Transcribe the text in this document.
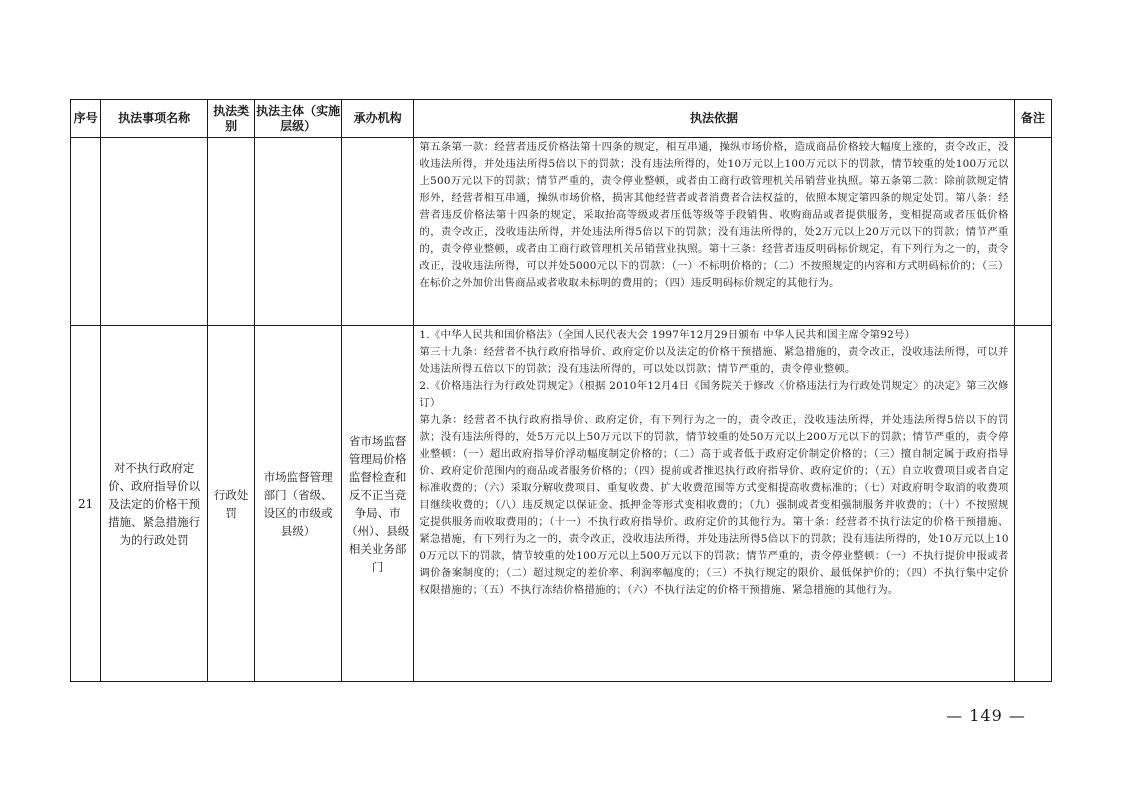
序号	执法事项名称	执法类别	执法主体（实施层级）	承办机构	执法依据	备注

					第五条第一款：经营者违反价格法第十四条的规定，相互串通，操纵市场价格，造成商品价格较大幅度上涨的，责令改正，没收违法所得，并处违法所得5倍以下的罚款；没有违法所得的，处10万元以上100万元以下的罚款，情节较重的处100万元以上500万元以下的罚款；情节严重的，责令停业整顿，或者由工商行政管理机关吊销营业执照。第五条第二款：除前款规定情形外，经营者相互串通，操纵市场价格，损害其他经营者或者消费者合法权益的，依照本规定第四条的规定处罚。第八条：经营者违反价格法第十四条的规定，采取抬高等级或者压低等级等手段销售、收购商品或者提供服务，变相提高或者压低价格的，责令改正，没收违法所得，并处违法所得5倍以下的罚款；没有违法所得的，处2万元以上20万元以下的罚款；情节严重的，责令停业整顿，或者由工商行政管理机关吊销营业执照。第十三条：经营者违反明码标价规定，有下列行为之一的，责令改正，没收违法所得，可以并处5000元以下的罚款：（一）不标明价格的；（二）不按照规定的内容和方式明码标价的；（三）在标价之外加价出售商品或者收取未标明的费用的；（四）违反明码标价规定的其他行为。	

21	对不执行政府定价、政府指导价以及法定的价格干预措施、紧急措施行为的行政处罚	行政处罚	市场监督管理部门（省级、设区的市级或县级）	省市场监督管理局价格监督检查和反不正当竞争局、市（州）、县级相关业务部门	1.《中华人民共和国价格法》（全国人民代表大会 1997年12月29日颁布 中华人民共和国主席令第92号）

第三十九条：经营者不执行政府指导价、政府定价以及法定的价格干预措施、紧急措施的，责令改正，没收违法所得，可以并处违法所得五倍以下的罚款；没有违法所得的，可以处以罚款；情节严重的，责令停业整顿。

2.《价格违法行为行政处罚规定》（根据 2010年12月4日《国务院关于修改〈价格违法行为行政处罚规定〉的决定》第三次修订）

第九条：经营者不执行政府指导价、政府定价，有下列行为之一的，责令改正，没收违法所得，并处违法所得5倍以下的罚款；没有违法所得的，处5万元以上50万元以下的罚款，情节较重的处50万元以上200万元以下的罚款；情节严重的，责令停业整顿：（一）超出政府指导价浮动幅度制定价格的；（二）高于或者低于政府定价制定价格的；（三）擅自制定属于政府指导价、政府定价范围内的商品或者服务价格的；（四）提前或者推迟执行政府指导价、政府定价的；（五）自立收费项目或者自定标准收费的；（六）采取分解收费项目、重复收费、扩大收费范围等方式变相提高收费标准的；（七）对政府明令取消的收费项目继续收费的；（八）违反规定以保证金、抵押金等形式变相收费的；（九）强制或者变相强制服务并收费的；（十）不按照规定提供服务而收取费用的；（十一）不执行政府指导价、政府定价的其他行为。第十条：经营者不执行法定的价格干预措施、紧急措施，有下列行为之一的，责令改正，没收违法所得，并处违法所得5倍以下的罚款；没有违法所得的，处10万元以上100万元以下的罚款，情节较重的处100万元以上500万元以下的罚款；情节严重的，责令停业整顿：（一）不执行提价申报或者调价备案制度的；（二）超过规定的差价率、利润率幅度的；（三）不执行规定的限价、最低保护价的；（四）不执行集中定价权限措施的；（五）不执行冻结价格措施的；（六）不执行法定的价格干预措施、紧急措施的其他行为。	

— 149 —
